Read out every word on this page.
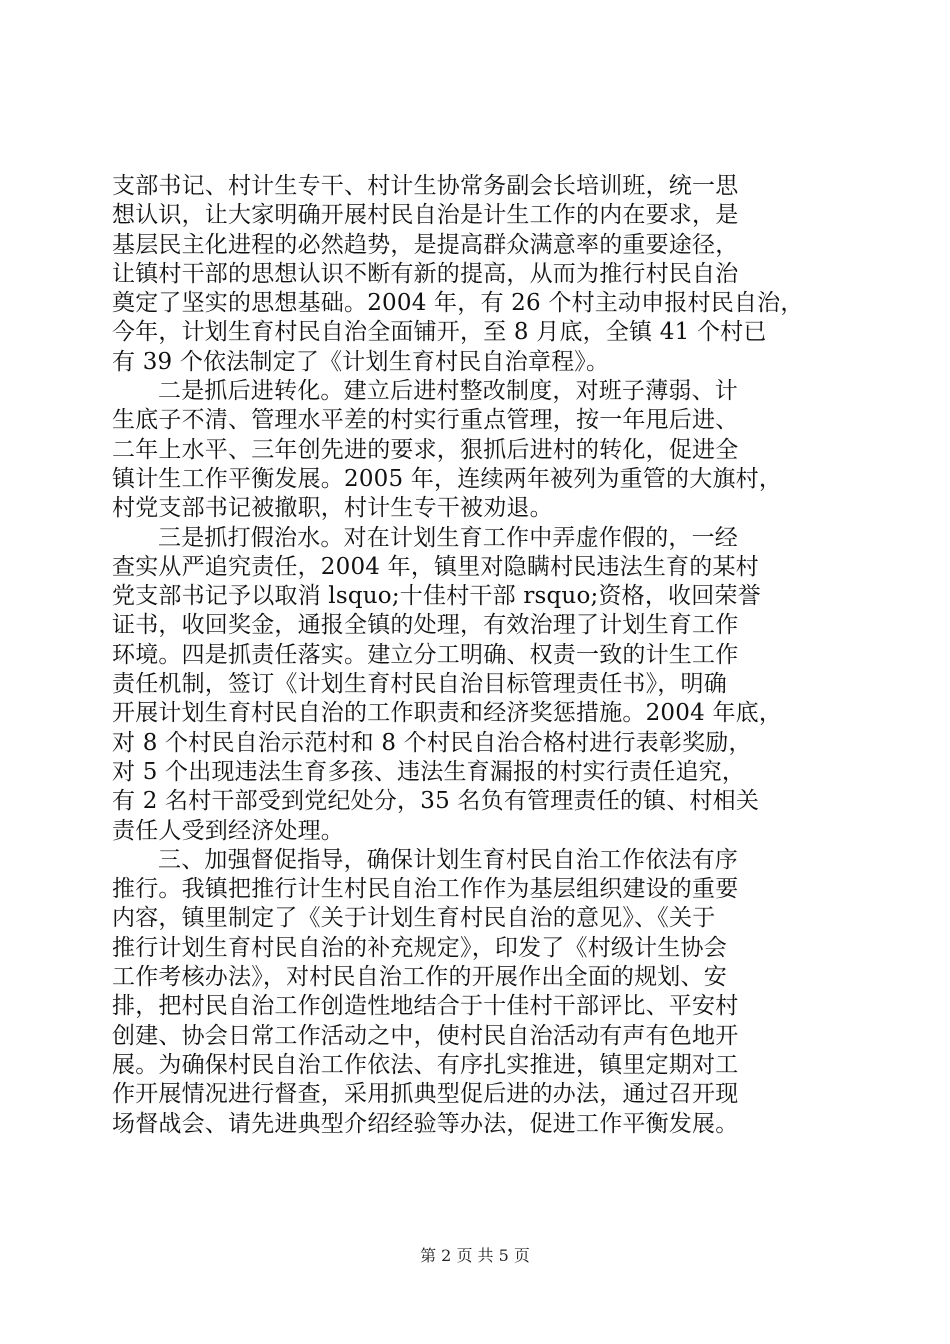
支部书记、村计生专干、村计生协常务副会长培训班，统一思
想认识，让大家明确开展村民自治是计生工作的内在要求，是
基层民主化进程的必然趋势，是提高群众满意率的重要途径，
让镇村干部的思想认识不断有新的提高，从而为推行村民自治
奠定了坚实的思想基础。2004 年，有 26 个村主动申报村民自治，
今年，计划生育村民自治全面铺开，至 8 月底，全镇 41 个村已
有 39 个依法制定了《计划生育村民自治章程》。
二是抓后进转化。建立后进村整改制度，对班子薄弱、计
生底子不清、管理水平差的村实行重点管理，按一年甩后进、
二年上水平、三年创先进的要求，狠抓后进村的转化，促进全
镇计生工作平衡发展。2005 年，连续两年被列为重管的大旗村，
村党支部书记被撤职，村计生专干被劝退。
三是抓打假治水。对在计划生育工作中弄虚作假的，一经
查实从严追究责任，2004 年，镇里对隐瞒村民违法生育的某村
党支部书记予以取消 lsquo;十佳村干部 rsquo;资格，收回荣誉
证书，收回奖金，通报全镇的处理，有效治理了计划生育工作
环境。四是抓责任落实。建立分工明确、权责一致的计生工作
责任机制，签订《计划生育村民自治目标管理责任书》，明确
开展计划生育村民自治的工作职责和经济奖惩措施。2004 年底，
对 8 个村民自治示范村和 8 个村民自治合格村进行表彰奖励，
对 5 个出现违法生育多孩、违法生育漏报的村实行责任追究，
有 2 名村干部受到党纪处分，35 名负有管理责任的镇、村相关
责任人受到经济处理。
三、加强督促指导，确保计划生育村民自治工作依法有序
推行。我镇把推行计生村民自治工作作为基层组织建设的重要
内容，镇里制定了《关于计划生育村民自治的意见》、《关于
推行计划生育村民自治的补充规定》，印发了《村级计生协会
工作考核办法》，对村民自治工作的开展作出全面的规划、安
排，把村民自治工作创造性地结合于十佳村干部评比、平安村
创建、协会日常工作活动之中，使村民自治活动有声有色地开
展。为确保村民自治工作依法、有序扎实推进，镇里定期对工
作开展情况进行督查，采用抓典型促后进的办法，通过召开现
场督战会、请先进典型介绍经验等办法，促进工作平衡发展。
第 2 页 共 5 页
